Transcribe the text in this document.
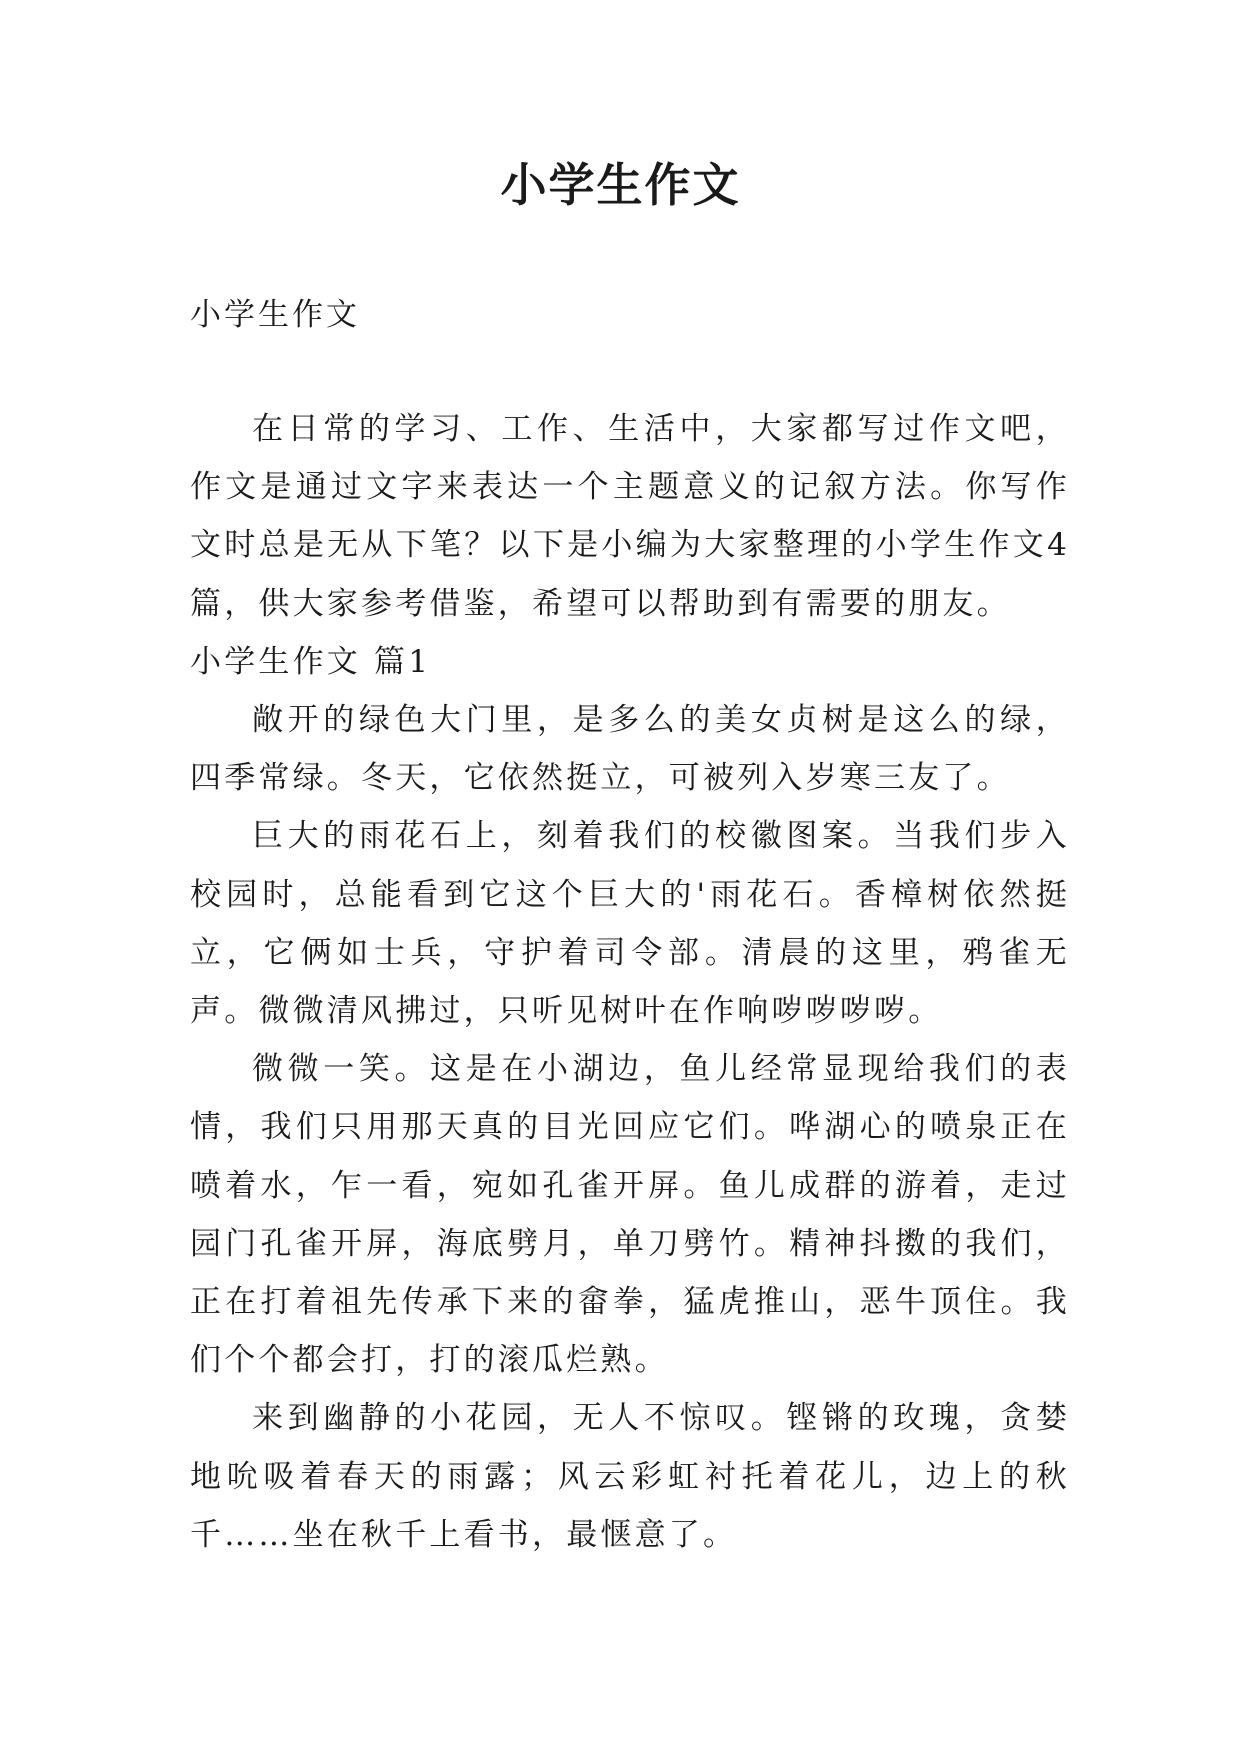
小学生作文
小学生作文

在日常的学习、工作、生活中，大家都写过作文吧，作文是通过文字来表达一个主题意义的记叙方法。你写作文时总是无从下笔？以下是小编为大家整理的小学生作文4篇，供大家参考借鉴，希望可以帮助到有需要的朋友。

小学生作文 篇1

敞开的绿色大门里，是多么的美女贞树是这么的绿，四季常绿。冬天，它依然挺立，可被列入岁寒三友了。

巨大的雨花石上，刻着我们的校徽图案。当我们步入校园时，总能看到它这个巨大的'雨花石。香樟树依然挺立，它俩如士兵，守护着司令部。清晨的这里，鸦雀无声。微微清风拂过，只听见树叶在作响哕哕哕哕。

微微一笑。这是在小湖边，鱼儿经常显现给我们的表情，我们只用那天真的目光回应它们。哗湖心的喷泉正在喷着水，乍一看，宛如孔雀开屏。鱼儿成群的游着，走过园门孔雀开屏，海底劈月，单刀劈竹。精神抖擞的我们，正在打着祖先传承下来的畲拳，猛虎推山，恶牛顶住。我们个个都会打，打的滚瓜烂熟。

来到幽静的小花园，无人不惊叹。铿锵的玫瑰，贪婪地吮吸着春天的雨露；风云彩虹衬托着花儿，边上的秋千……坐在秋千上看书，最惬意了。
